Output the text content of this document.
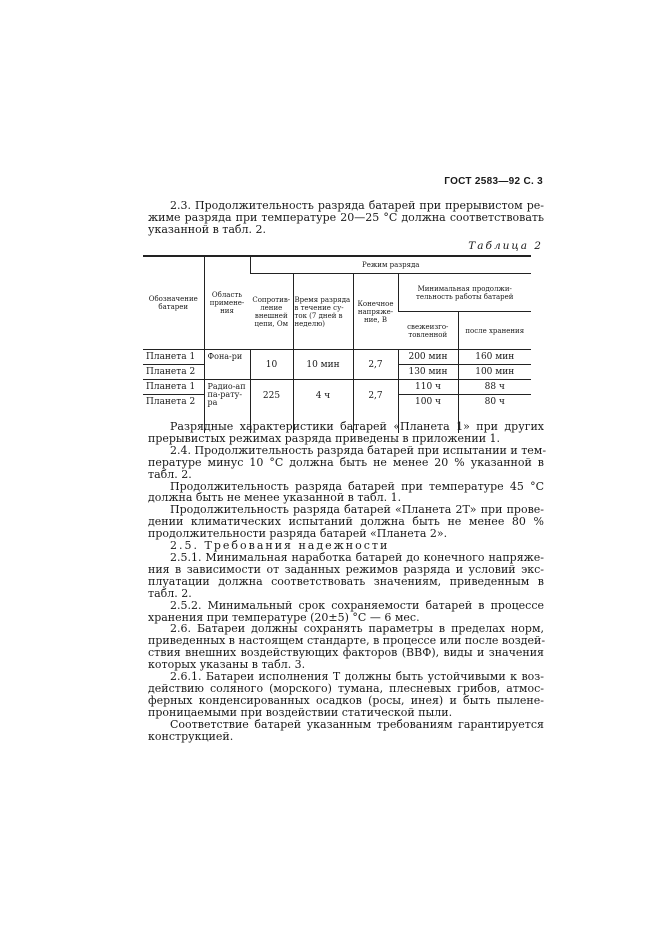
ГОСТ 2583—92 С. 3
2.3. Продолжительность разряда батарей при прерывистом ре-
жиме разряда при температуре 20—25 °С должна соответствовать
указанной в табл. 2.
Таблица 2
Обозначение батареи	Область примене-ния	Режим разряда				
		Сопротив-ление внешней цепи, Ом	Время разряда в течение су-ток (7 дней в неделю)	Конечное напряже-ние, В	Минимальная продолжи-тельность работы батарей	
					свежеизго-товленной	после хранения
Планета 1	Фона-ри	10	10 мин	2,7	200 мин	160 мин
Планета 2					130 мин	100 мин
Планета 1	Радио-аппа-рату-ра	225	4 ч	2,7	110 ч	88 ч
Планета 2					100 ч	80 ч
Разрядные характеристики батарей «Планета 1» при других
прерывистых режимах разряда приведены в приложении 1.
2.4. Продолжительность разряда батарей при испытании и тем-
пературе минус 10 °С должна быть не менее 20 % указанной в
табл. 2.
Продолжительность разряда батарей при температуре 45 °С
должна быть не менее указанной в табл. 1.
Продолжительность разряда батарей «Планета 2Т» при прове-
дении климатических испытаний должна быть не менее 80 %
продолжительности разряда батарей «Планета 2».
2.5. Требования надежности
2.5.1. Минимальная наработка батарей до конечного напряже-
ния в зависимости от заданных режимов разряда и условий экс-
плуатации должна соответствовать значениям, приведенным в
табл. 2.
2.5.2. Минимальный срок сохраняемости батарей в процессе
хранения при температуре (20±5) °С — 6 мес.
2.6. Батареи должны сохранять параметры в пределах норм,
приведенных в настоящем стандарте, в процессе или после воздей-
ствия внешних воздействующих факторов (ВВФ), виды и значения
которых указаны в табл. 3.
2.6.1. Батареи исполнения Т должны быть устойчивыми к воз-
действию соляного (морского) тумана, плесневых грибов, атмос-
ферных конденсированных осадков (росы, инея) и быть пылене-
проницаемыми при воздействии статической пыли.
Соответствие батарей указанным требованиям гарантируется
конструкцией.
